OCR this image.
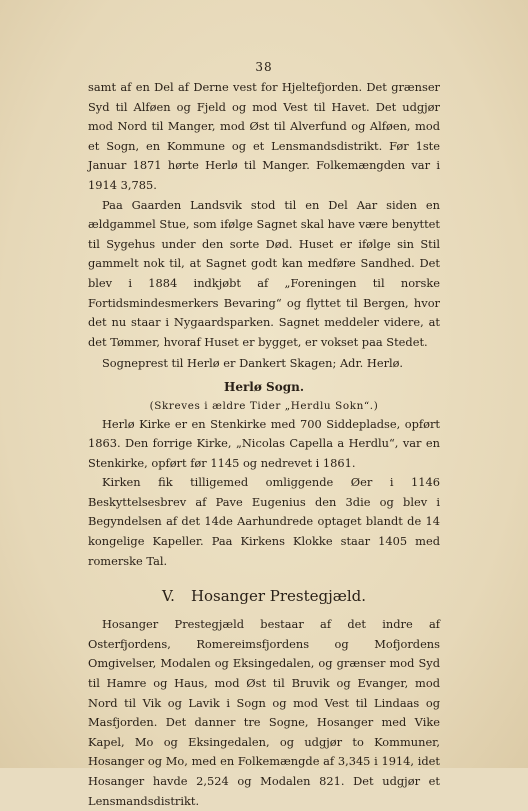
38

samt af en Del af Derne vest for Hjeltefjorden. Det grænser Syd til Alføen og Fjeld og mod Vest til Havet. Det udgjør mod Nord til Manger, mod Øst til Alverfund og Alføen, mod et Sogn, en Kommune og et Lensmandsdistrikt. Før 1ste Januar 1871 hørte Herlø til Manger. Folkemængden var i 1914 3,785.

Paa Gaarden Landsvik stod til en Del Aar siden en ældgammel Stue, som ifølge Sagnet skal have være benyttet til Sygehus under den sorte Død. Huset er ifølge sin Stil gammelt nok til, at Sagnet godt kan medføre Sandhed. Det blev i 1884 indkjøbt af „Foreningen til norske Fortidsmindesmerkers Bevaring“ og flyttet til Bergen, hvor det nu staar i Nygaardsparken. Sagnet meddeler videre, at det Tømmer, hvoraf Huset er bygget, er vokset paa Stedet.

Sogneprest til Herlø er Dankert Skagen; Adr. Herlø.

Herlø Sogn.

(Skreves i ældre Tider „Herdlu Sokn“.)

Herlø Kirke er en Stenkirke med 700 Siddepladse, opført 1863. Den forrige Kirke, „Nicolas Capella a Herdlu“, var en Stenkirke, opført før 1145 og nedrevet i 1861.

Kirken fik tilligemed omliggende Øer i 1146 Beskyttelsesbrev af Pave Eugenius den 3die og blev i Begyndelsen af det 14de Aarhundrede optaget blandt de 14 kongelige Kapeller. Paa Kirkens Klokke staar 1405 med romerske Tal.

V. Hosanger Prestegjæld.

Hosanger Prestegjæld bestaar af det indre af Osterfjordens, Romereimsfjordens og Mofjordens Omgivelser, Modalen og Eksingedalen, og grænser mod Syd til Hamre og Haus, mod Øst til Bruvik og Evanger, mod Nord til Vik og Lavik i Sogn og mod Vest til Lindaas og Masfjorden. Det danner tre Sogne, Hosanger med Vike Kapel, Mo og Eksingedalen, og udgjør to Kommuner, Hosanger og Mo, med en Folkemængde af 3,345 i 1914, idet Hosanger havde 2,524 og Modalen 821. Det udgjør et Lensmandsdistrikt.
